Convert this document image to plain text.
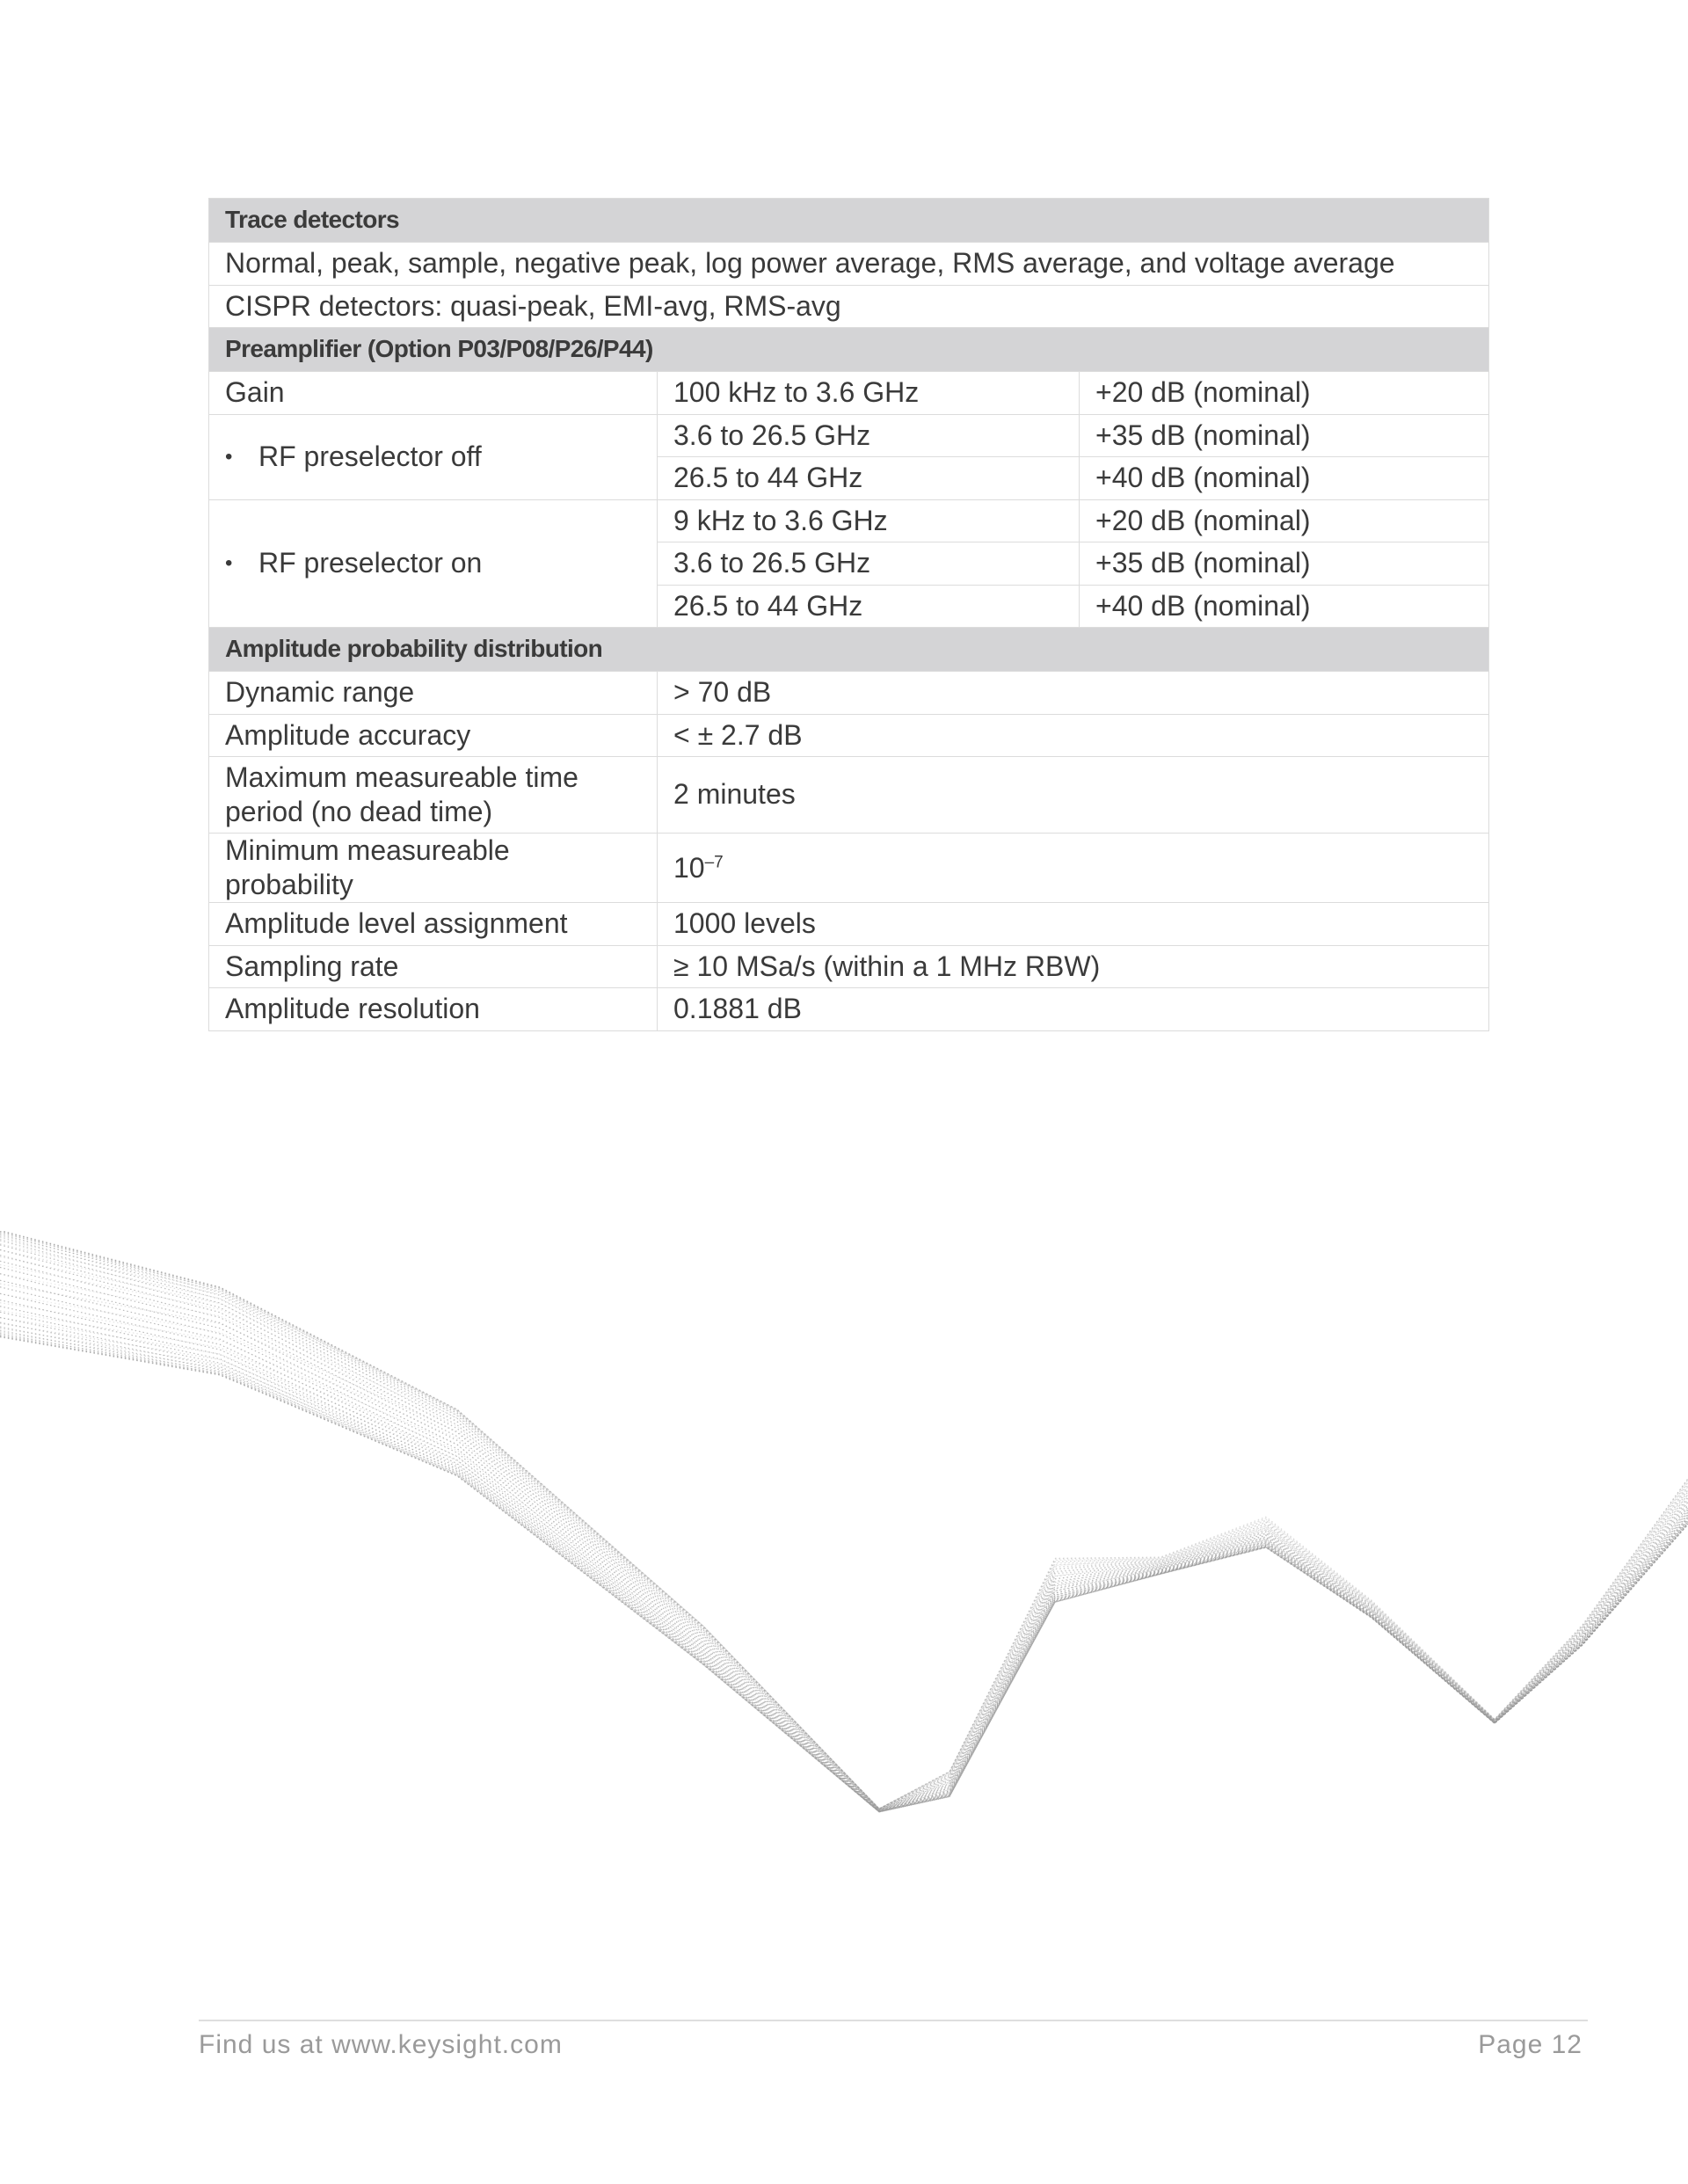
Trace detectors		
Normal, peak, sample, negative peak, log power average, RMS average, and voltage average		
CISPR detectors: quasi-peak, EMI-avg, RMS-avg		
Preamplifier (Option P03/P08/P26/P44)		
Gain	100 kHz to 3.6 GHz	+20 dB (nominal)
• RF preselector off	3.6 to 26.5 GHz	+35 dB (nominal)
	26.5 to 44 GHz	+40 dB (nominal)
• RF preselector on	9 kHz to 3.6 GHz	+20 dB (nominal)
	3.6 to 26.5 GHz	+35 dB (nominal)
	26.5 to 44 GHz	+40 dB (nominal)
Amplitude probability distribution		
Dynamic range	> 70 dB	
Amplitude accuracy	< ± 2.7 dB	
Maximum measureable time period (no dead time)	2 minutes	
Minimum measureable probability	$10^{-7}$
Amplitude level assignment	1000 levels	
Sampling rate	≥ 10 MSa/s (within a 1 MHz RBW)	
Amplitude resolution	0.1881 dB	
Find us at www.keysight.com	Page 12
